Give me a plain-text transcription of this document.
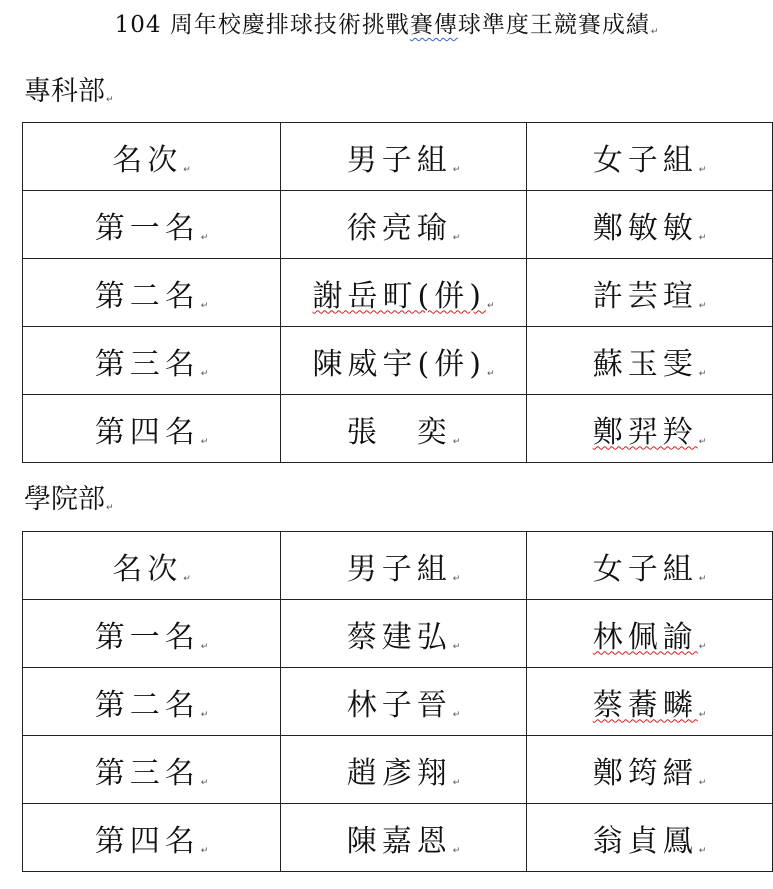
104 周年校慶排球技術挑戰賽傳球準度王競賽成績↵
專科部↵
名次↵	男子組↵	女子組↵
第一名↵	徐亮瑜↵	鄭敏敏↵
第二名↵	謝岳町(併)↵	許芸瑄↵
第三名↵	陳威宇(併)↵	蘇玉雯↵
第四名↵	張　奕↵	鄭羿羚↵
學院部↵
名次↵	男子組↵	女子組↵
第一名↵	蔡建弘↵	林佩諭↵
第二名↵	林子晉↵	蔡蕎疄↵
第三名↵	趙彥翔↵	鄭筠縉↵
第四名↵	陳嘉恩↵	翁貞鳳↵
